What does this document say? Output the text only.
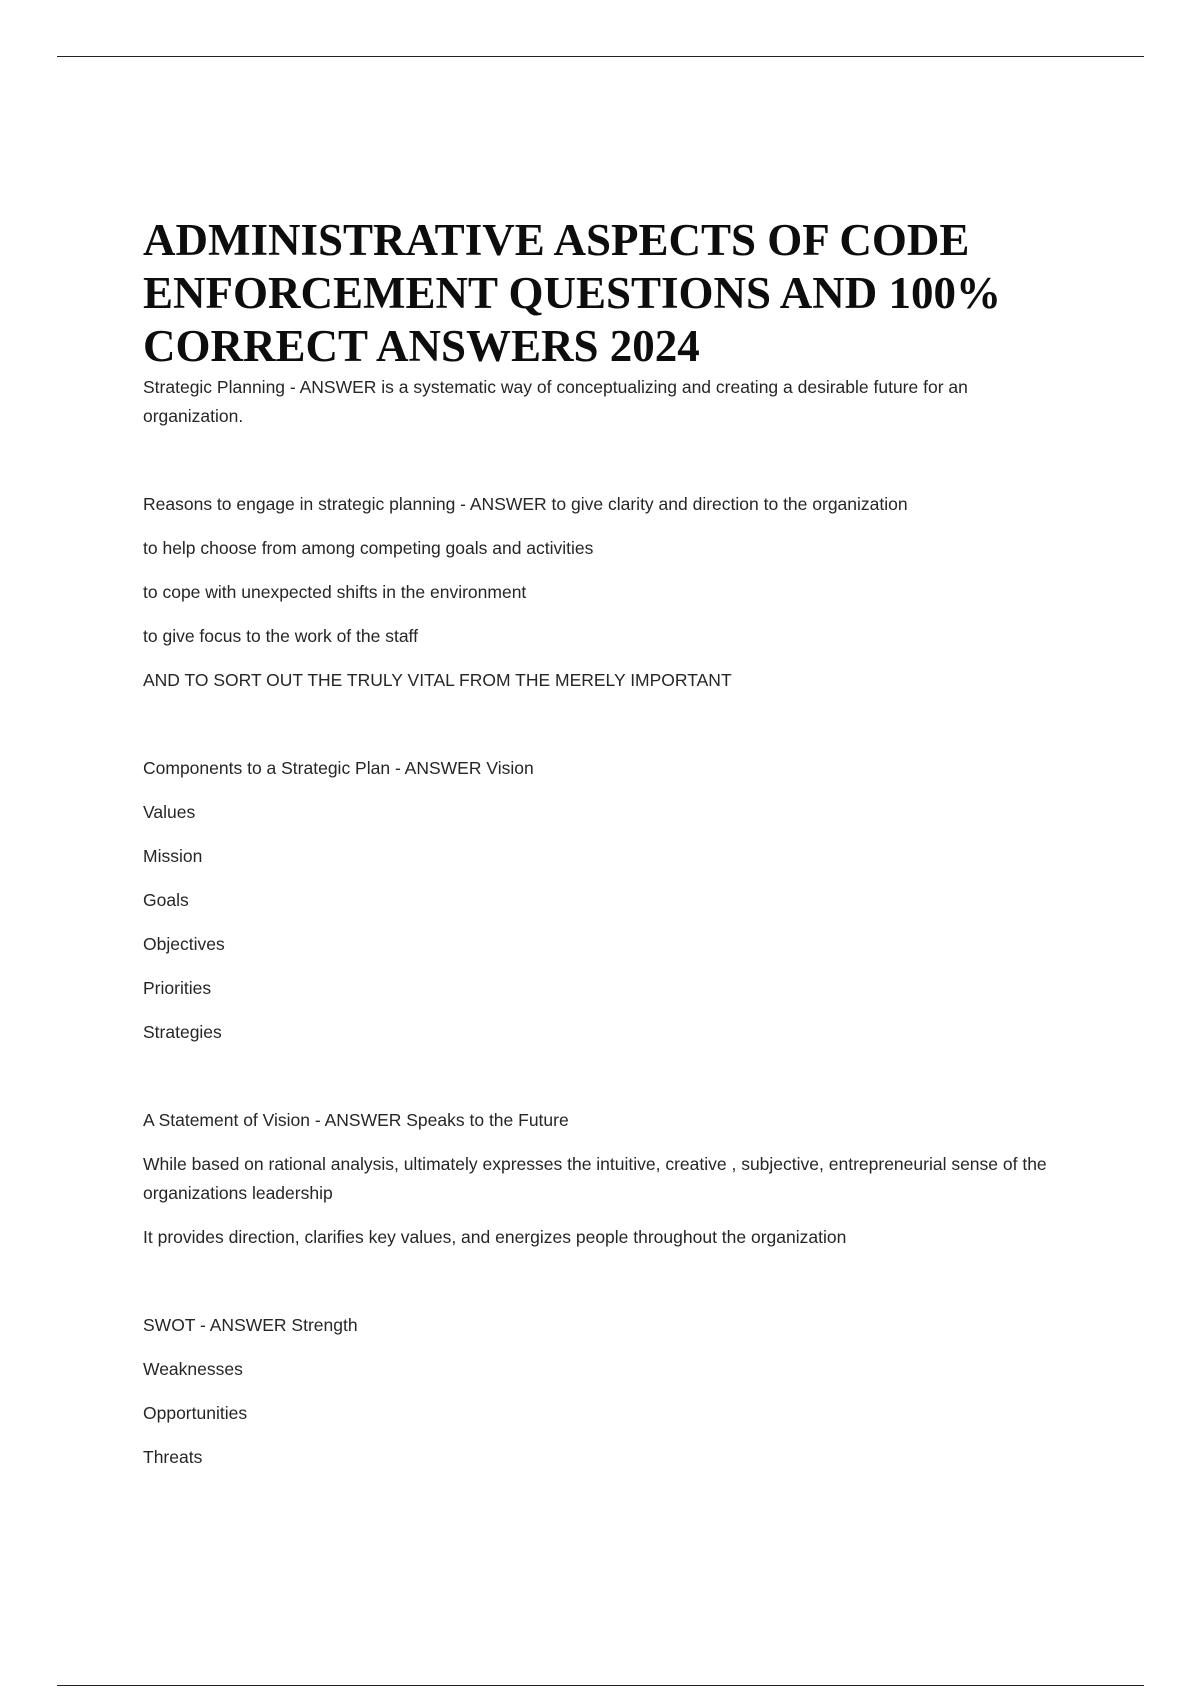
ADMINISTRATIVE ASPECTS OF CODE
ENFORCEMENT QUESTIONS AND 100%
CORRECT ANSWERS 2024

Strategic Planning - ANSWER is a systematic way of conceptualizing and creating a desirable future for an organization.

Reasons to engage in strategic planning - ANSWER to give clarity and direction to the organization

to help choose from among competing goals and activities

to cope with unexpected shifts in the environment

to give focus to the work of the staff

AND TO SORT OUT THE TRULY VITAL FROM THE MERELY IMPORTANT

Components to a Strategic Plan - ANSWER Vision

Values

Mission

Goals

Objectives

Priorities

Strategies

A Statement of Vision - ANSWER Speaks to the Future

While based on rational analysis, ultimately expresses the intuitive, creative , subjective, entrepreneurial sense of the organizations leadership

It provides direction, clarifies key values, and energizes people throughout the organization

SWOT - ANSWER Strength

Weaknesses

Opportunities

Threats
